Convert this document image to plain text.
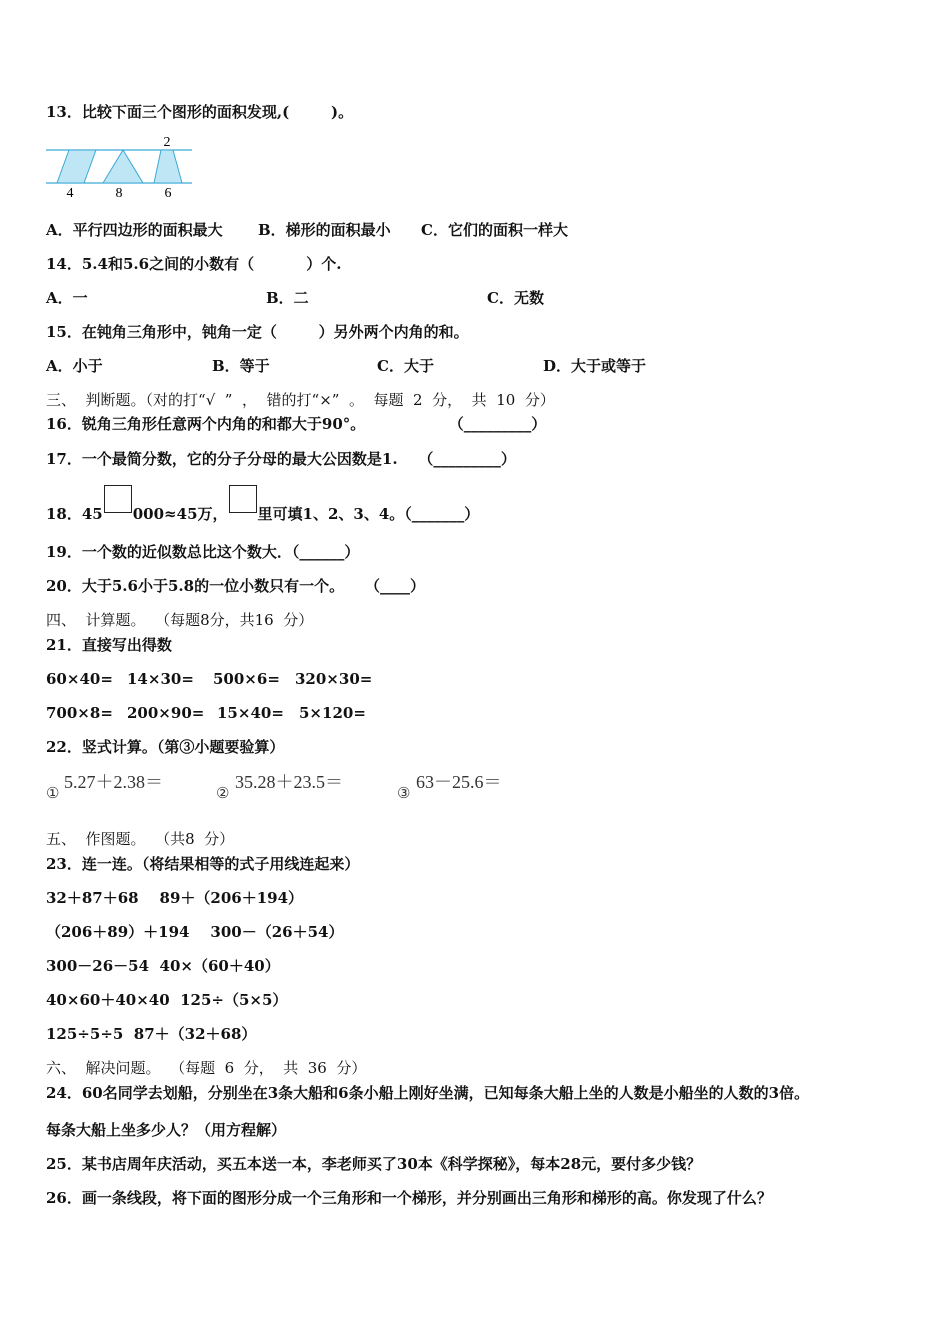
13．比较下面三个图形的面积发现,(        )。
2
4	8	6
A．平行四边形的面积最大 B．梯形的面积最小 C．它们的面积一样大
14．5.4和5.6之间的小数有（          ）个.
A．一	B．二	C．无数
15．在钝角三角形中，钝角一定（        ）另外两个内角的和。
A．小于	B．等于	C．大于	D．大于或等于
三、  判断题。（对的打“√  ”  ，  错的打“×”  。  每题  2  分，  共  10  分）
16．锐角三角形任意两个内角的和都大于90°。                （_________）
17．一个最简分数，它的分子分母的最大公因数是1.    （_________）
18．45 000≈45万， 里可填1、2、3、4。（_______）
19．一个数的近似数总比这个数大．（______）
20．大于5.6小于5.8的一位小数只有一个。    （____）
四、  计算题。  （每题8分，共16  分）
21．直接写出得数
60×40= 14×30= 500×6= 320×30=
700×8= 200×90= 15×40= 5×120=
22．竖式计算。（第③小题要验算）
①
5.27＋2.38＝
②
35.28＋23.5＝
③
63－25.6＝
五、  作图题。  （共8  分）
23．连一连。（将结果相等的式子用线连起来）
32＋87＋68    89＋（206＋194）
（206＋89）＋194    300－（26＋54）
300－26－54  40×（60＋40）
40×60＋40×40  125÷（5×5）
125÷5÷5  87＋（32＋68）
六、  解决问题。  （每题  6  分，  共  36  分）
24．60名同学去划船，分别坐在3条大船和6条小船上刚好坐满，已知每条大船上坐的人数是小船坐的人数的3倍。
每条大船上坐多少人？（用方程解）
25．某书店周年庆活动，买五本送一本，李老师买了30本《科学探秘》，每本28元，要付多少钱？
26．画一条线段，将下面的图形分成一个三角形和一个梯形，并分别画出三角形和梯形的高。你发现了什么？
